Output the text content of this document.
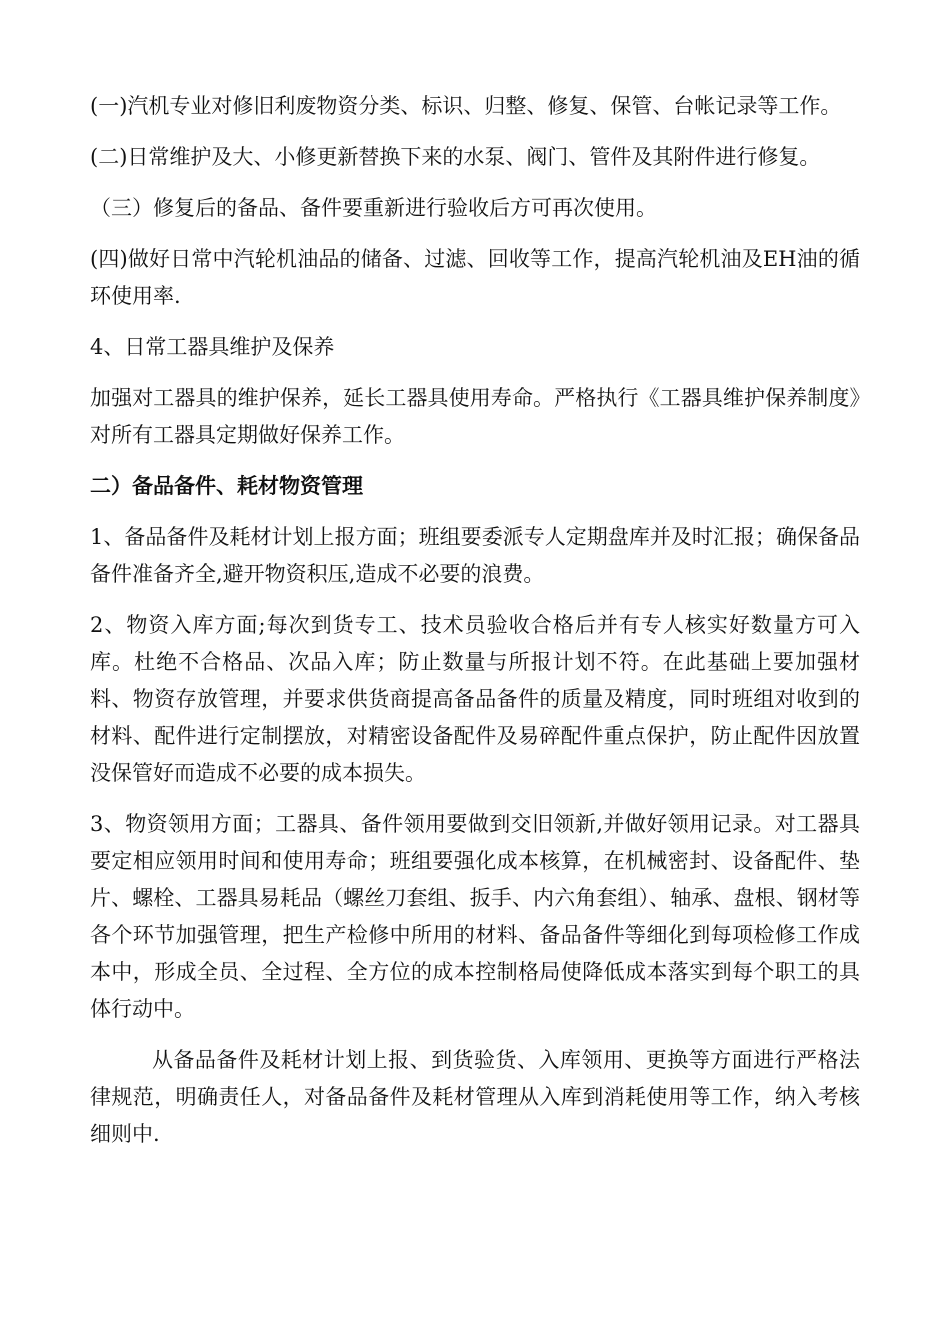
(一)汽机专业对修旧利废物资分类、标识、归整、修复、保管、台帐记录等工作。

(二)日常维护及大、小修更新替换下来的水泵、阀门、管件及其附件进行修复。

（三）修复后的备品、备件要重新进行验收后方可再次使用。

(四)做好日常中汽轮机油品的储备、过滤、回收等工作，提高汽轮机油及EH油的循环使用率.

4、日常工器具维护及保养

加强对工器具的维护保养，延长工器具使用寿命。严格执行《工器具维护保养制度》对所有工器具定期做好保养工作。

二）备品备件、耗材物资管理

1、备品备件及耗材计划上报方面；班组要委派专人定期盘库并及时汇报；确保备品备件准备齐全,避开物资积压,造成不必要的浪费。

2、物资入库方面;每次到货专工、技术员验收合格后并有专人核实好数量方可入库。杜绝不合格品、次品入库；防止数量与所报计划不符。在此基础上要加强材料、物资存放管理，并要求供货商提高备品备件的质量及精度，同时班组对收到的材料、配件进行定制摆放，对精密设备配件及易碎配件重点保护，防止配件因放置没保管好而造成不必要的成本损失。

3、物资领用方面；工器具、备件领用要做到交旧领新,并做好领用记录。对工器具要定相应领用时间和使用寿命；班组要强化成本核算，在机械密封、设备配件、垫片、螺栓、工器具易耗品（螺丝刀套组、扳手、内六角套组）、轴承、盘根、钢材等各个环节加强管理，把生产检修中所用的材料、备品备件等细化到每项检修工作成本中，形成全员、全过程、全方位的成本控制格局使降低成本落实到每个职工的具体行动中。

从备品备件及耗材计划上报、到货验货、入库领用、更换等方面进行严格法律规范，明确责任人，对备品备件及耗材管理从入库到消耗使用等工作，纳入考核细则中.
